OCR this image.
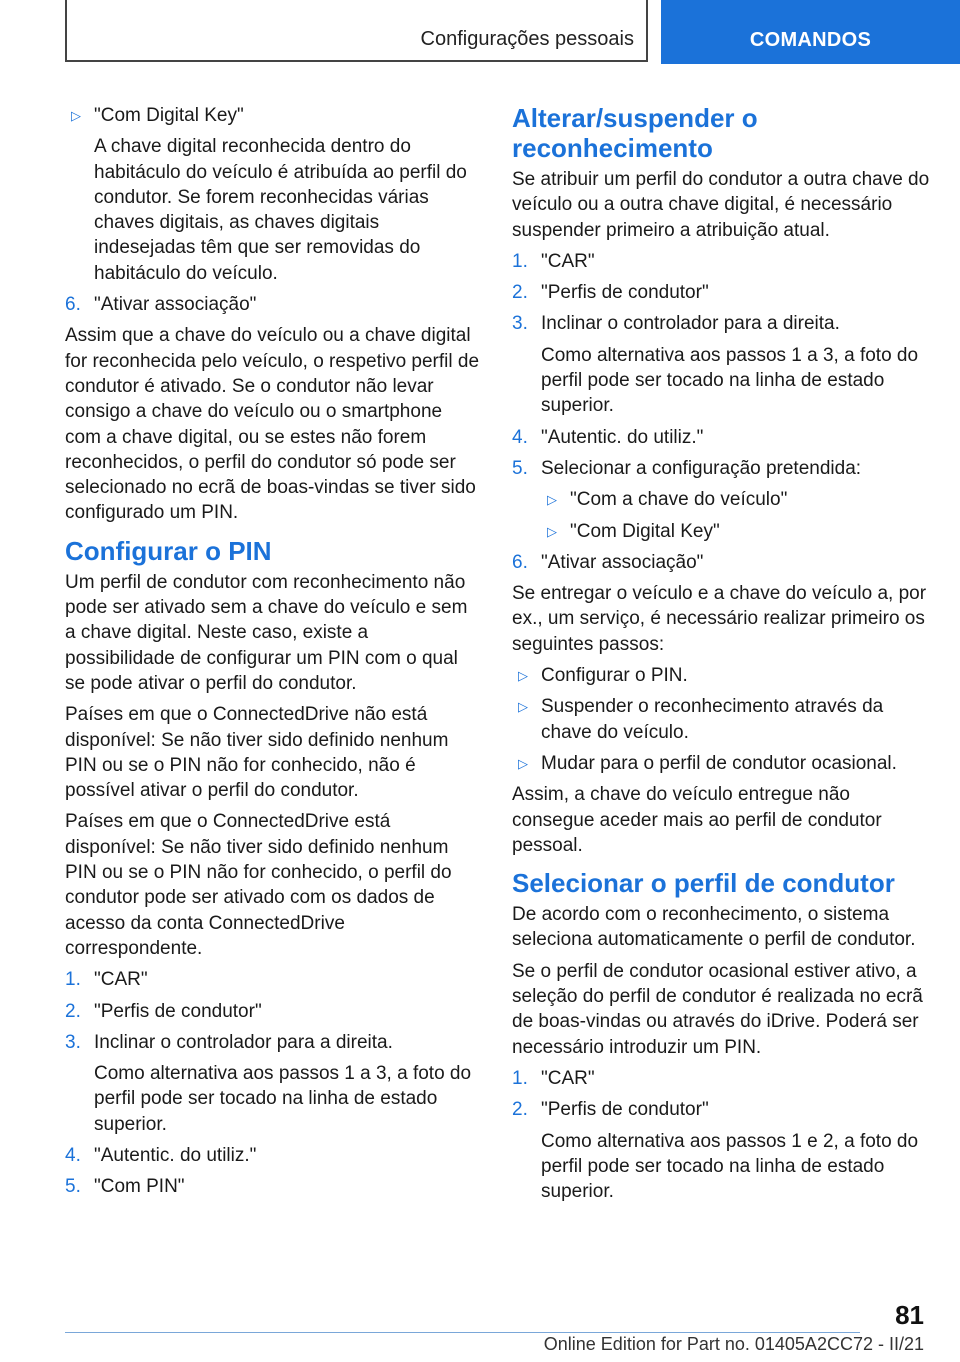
Configurações pessoais	COMANDOS
▷ "Com Digital Key"
A chave digital reconhecida dentro do habitáculo do veículo é atribuída ao perfil do condutor. Se forem reconhecidas várias chaves digitais, as chaves digitais indesejadas têm que ser removidas do habitáculo do veículo.
6. "Ativar associação"

Assim que a chave do veículo ou a chave digital for reconhecida pelo veículo, o respetivo perfil de condutor é ativado. Se o condutor não levar consigo a chave do veículo ou o smartphone com a chave digital, ou se estes não forem reconhecidos, o perfil do condutor só pode ser selecionado no ecrã de boas-vindas se tiver sido configurado um PIN.

Configurar o PIN

Um perfil de condutor com reconhecimento não pode ser ativado sem a chave do veículo e sem a chave digital. Neste caso, existe a possibilidade de configurar um PIN com o qual se pode ativar o perfil do condutor.

Países em que o ConnectedDrive não está disponível: Se não tiver sido definido nenhum PIN ou se o PIN não for conhecido, não é possível ativar o perfil do condutor.

Países em que o ConnectedDrive está disponível: Se não tiver sido definido nenhum PIN ou se o PIN não for conhecido, o perfil do condutor pode ser ativado com os dados de acesso da conta ConnectedDrive correspondente.

1. "CAR"
2. "Perfis de condutor"
3. Inclinar o controlador para a direita.
Como alternativa aos passos 1 a 3, a foto do perfil pode ser tocado na linha de estado superior.
4. "Autentic. do utiliz."
5. "Com PIN"
Alterar/suspender o reconhecimento

Se atribuir um perfil do condutor a outra chave do veículo ou a outra chave digital, é necessário suspender primeiro a atribuição atual.

1. "CAR"
2. "Perfis de condutor"
3. Inclinar o controlador para a direita.
Como alternativa aos passos 1 a 3, a foto do perfil pode ser tocado na linha de estado superior.
4. "Autentic. do utiliz."
5. Selecionar a configuração pretendida:
▷ "Com a chave do veículo"
▷ "Com Digital Key"
6. "Ativar associação"

Se entregar o veículo e a chave do veículo a, por ex., um serviço, é necessário realizar primeiro os seguintes passos:

▷ Configurar o PIN.
▷ Suspender o reconhecimento através da chave do veículo.
▷ Mudar para o perfil de condutor ocasional.

Assim, a chave do veículo entregue não consegue aceder mais ao perfil de condutor pessoal.

Selecionar o perfil de condutor

De acordo com o reconhecimento, o sistema seleciona automaticamente o perfil de condutor.

Se o perfil de condutor ocasional estiver ativo, a seleção do perfil de condutor é realizada no ecrã de boas-vindas ou através do iDrive. Poderá ser necessário introduzir um PIN.

1. "CAR"
2. "Perfis de condutor"
Como alternativa aos passos 1 e 2, a foto do perfil pode ser tocado na linha de estado superior.
81
Online Edition for Part no. 01405A2CC72 - II/21
